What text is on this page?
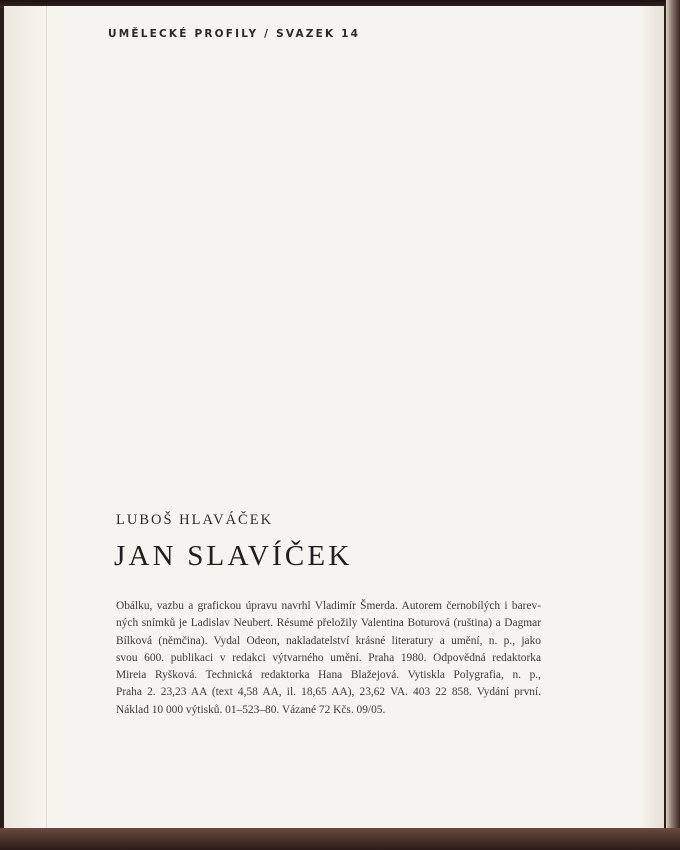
UMĚLECKÉ PROFILY / SVAZEK 14
LUBOŠ HLAVÁČEK
JAN SLAVÍČEK
Obálku, vazbu a grafickou úpravu navrhl Vladimír Šmerda. Autorem černobílých i barev-
ných snímků je Ladislav Neubert. Résumé přeložily Valentina Boturová (ruština) a Dagmar
Bílková (němčina). Vydal Odeon, nakladatelství krásné literatury a umění, n. p., jako
svou 600. publikaci v redakci výtvarného umění. Praha 1980. Odpovědná redaktorka
Mireia Ryšková. Technická redaktorka Hana Blažejová. Vytiskla Polygrafia, n. p.,
Praha 2. 23,23 AA (text 4,58 AA, il. 18,65 AA), 23,62 VA. 403 22 858. Vydání první.
Náklad 10 000 výtisků. 01–523–80. Vázané 72 Kčs. 09/05.
